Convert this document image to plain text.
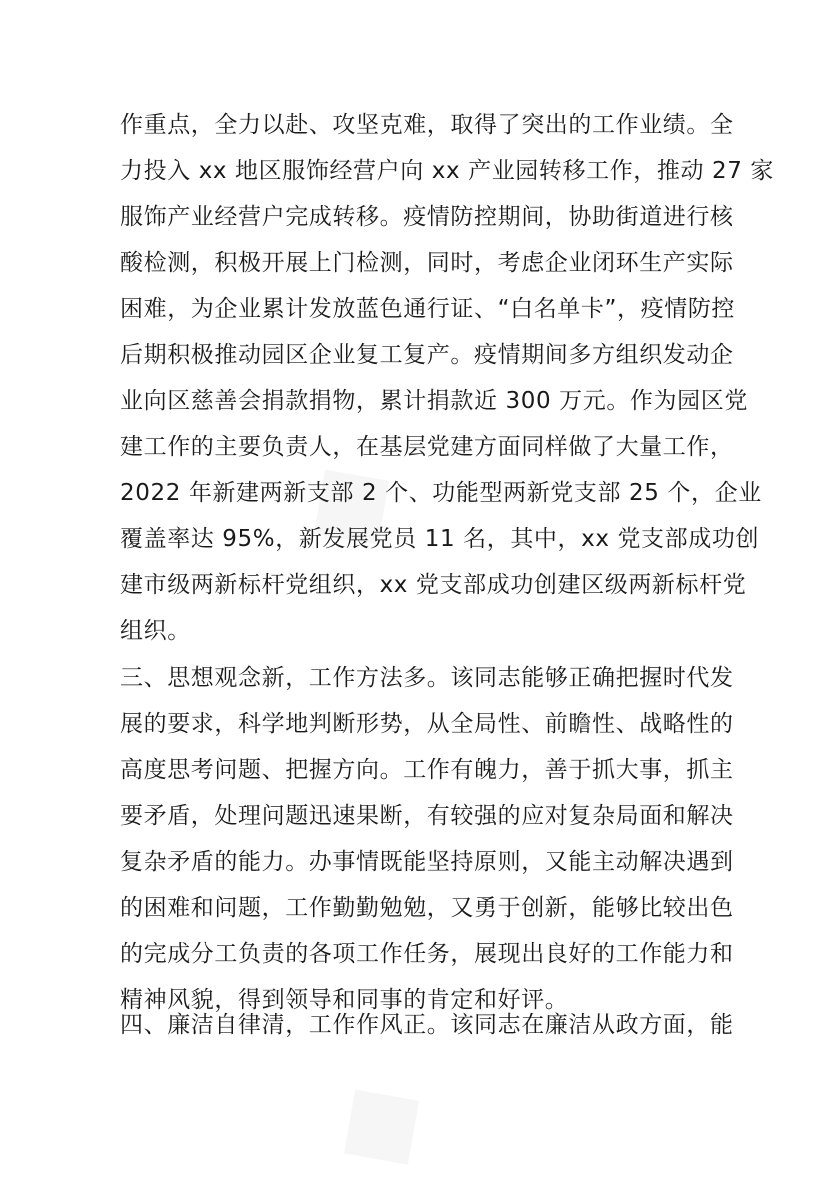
作重点，全力以赴、攻坚克难，取得了突出的工作业绩。全
力投入 xx 地区服饰经营户向 xx 产业园转移工作，推动 27 家
服饰产业经营户完成转移。疫情防控期间，协助街道进行核
酸检测，积极开展上门检测，同时，考虑企业闭环生产实际
困难，为企业累计发放蓝色通行证、“白名单卡”，疫情防控
后期积极推动园区企业复工复产。疫情期间多方组织发动企
业向区慈善会捐款捐物，累计捐款近 300 万元。作为园区党
建工作的主要负责人，在基层党建方面同样做了大量工作，
2022 年新建两新支部 2 个、功能型两新党支部 25 个，企业
覆盖率达 95%，新发展党员 11 名，其中，xx 党支部成功创
建市级两新标杆党组织，xx 党支部成功创建区级两新标杆党
组织。
三、思想观念新，工作方法多。该同志能够正确把握时代发
展的要求，科学地判断形势，从全局性、前瞻性、战略性的
高度思考问题、把握方向。工作有魄力，善于抓大事，抓主
要矛盾，处理问题迅速果断，有较强的应对复杂局面和解决
复杂矛盾的能力。办事情既能坚持原则，又能主动解决遇到
的困难和问题，工作勤勤勉勉，又勇于创新，能够比较出色
的完成分工负责的各项工作任务，展现出良好的工作能力和
精神风貌，得到领导和同事的肯定和好评。
四、廉洁自律清，工作作风正。该同志在廉洁从政方面，能
